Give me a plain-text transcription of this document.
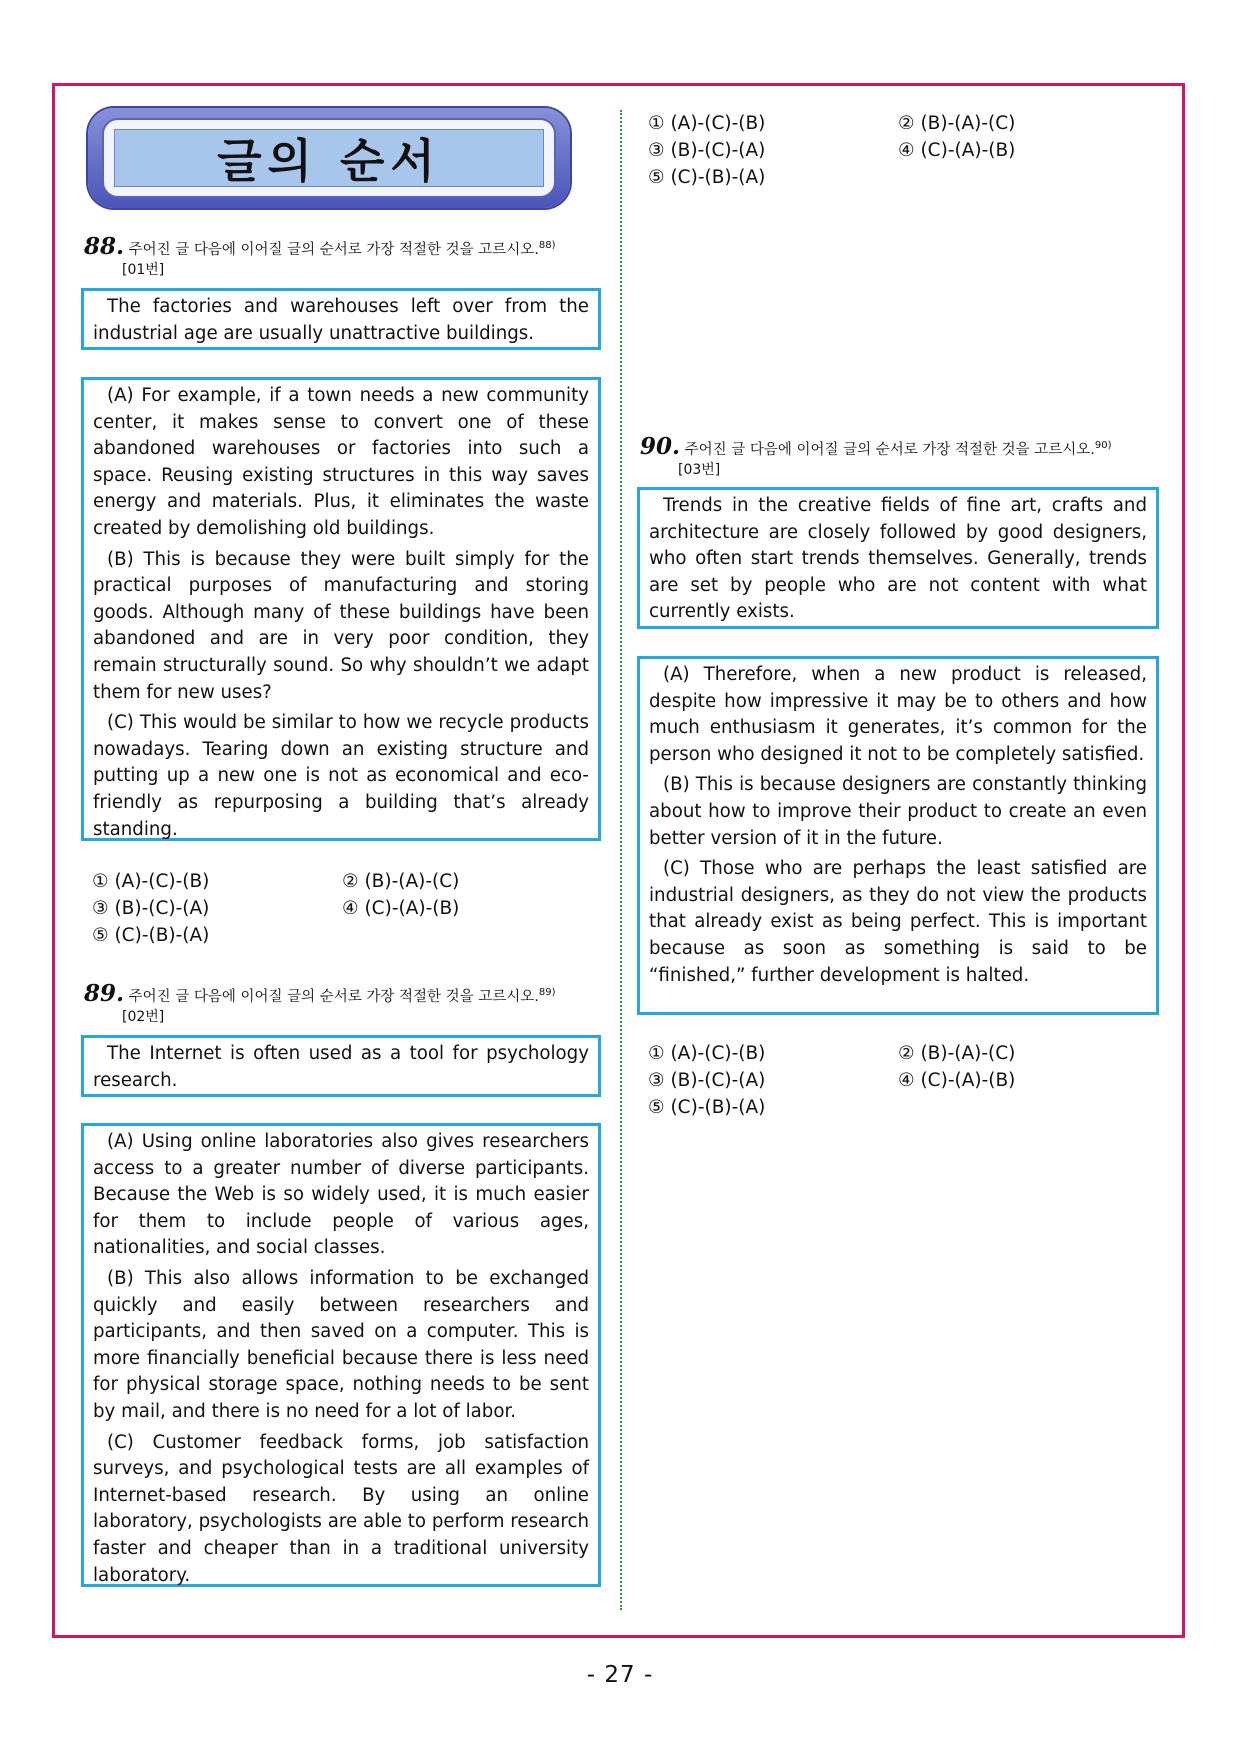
글의 순서
88. 주어진 글 다음에 이어질 글의 순서로 가장 적절한 것을 고르시오.$^{88)}$
[01번]

The factories and warehouses left over from the industrial age are usually unattractive buildings.

(A) For example, if a town needs a new community center, it makes sense to convert one of these abandoned warehouses or factories into such a space. Reusing existing structures in this way saves energy and materials. Plus, it eliminates the waste created by demolishing old buildings.

(B) This is because they were built simply for the practical purposes of manufacturing and storing goods. Although many of these buildings have been abandoned and are in very poor condition, they remain structurally sound. So why shouldn’t we adapt them for new uses?

(C) This would be similar to how we recycle products nowadays. Tearing down an existing structure and putting up a new one is not as economical and eco-friendly as repurposing a building that’s already standing.

① (A)-(C)-(B)	② (B)-(A)-(C)
③ (B)-(C)-(A)	④ (C)-(A)-(B)
⑤ (C)-(B)-(A)
89. 주어진 글 다음에 이어질 글의 순서로 가장 적절한 것을 고르시오.$^{89)}$
[02번]

The Internet is often used as a tool for psychology research.

(A) Using online laboratories also gives researchers access to a greater number of diverse participants. Because the Web is so widely used, it is much easier for them to include people of various ages, nationalities, and social classes.

(B) This also allows information to be exchanged quickly and easily between researchers and participants, and then saved on a computer. This is more financially beneficial because there is less need for physical storage space, nothing needs to be sent by mail, and there is no need for a lot of labor.

(C) Customer feedback forms, job satisfaction surveys, and psychological tests are all examples of Internet-based research. By using an online laboratory, psychologists are able to perform research faster and cheaper than in a traditional university laboratory.

① (A)-(C)-(B)	② (B)-(A)-(C)
③ (B)-(C)-(A)	④ (C)-(A)-(B)
⑤ (C)-(B)-(A)
90. 주어진 글 다음에 이어질 글의 순서로 가장 적절한 것을 고르시오.$^{90)}$
[03번]

Trends in the creative fields of fine art, crafts and architecture are closely followed by good designers, who often start trends themselves. Generally, trends are set by people who are not content with what currently exists.

(A) Therefore, when a new product is released, despite how impressive it may be to others and how much enthusiasm it generates, it’s common for the person who designed it not to be completely satisfied.

(B) This is because designers are constantly thinking about how to improve their product to create an even better version of it in the future.

(C) Those who are perhaps the least satisfied are industrial designers, as they do not view the products that already exist as being perfect. This is important because as soon as something is said to be “finished,” further development is halted.

① (A)-(C)-(B)	② (B)-(A)-(C)
③ (B)-(C)-(A)	④ (C)-(A)-(B)
⑤ (C)-(B)-(A)
- 27 -
